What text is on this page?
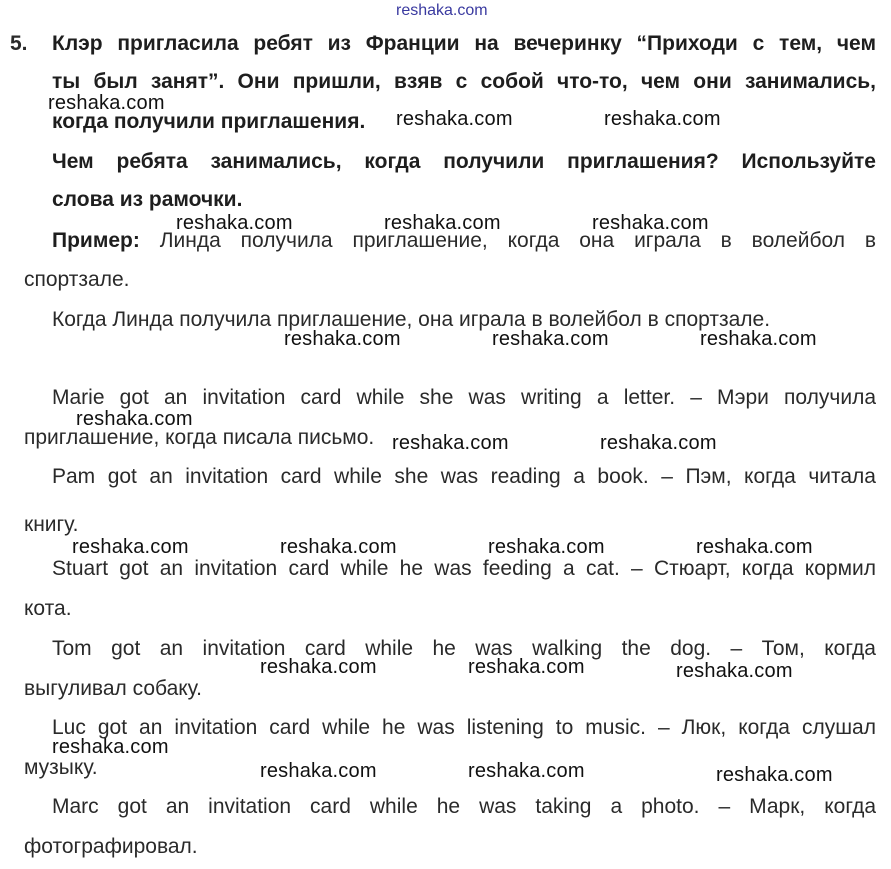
reshaka.com
5. Клэр пригласила ребят из Франции на вечеринку “Приходи с тем, чем
ты был занят”. Они пришли, взяв с собой что-то, чем они занимались,
когда получили приглашения.
Чем ребята занимались, когда получили приглашения? Используйте
слова из рамочки.
Пример: Линда получила приглашение, когда она играла в волейбол в
спортзале.
Когда Линда получила приглашение, она играла в волейбол в спортзале.
Marie got an invitation card while she was writing a letter. – Мэри получила
приглашение, когда писала письмо.
Pam got an invitation card while she was reading a book. – Пэм, когда читала
книгу.
Stuart got an invitation card while he was feeding a cat. – Стюарт, когда кормил
кота.
Tom got an invitation card while he was walking the dog. – Том, когда
выгуливал собаку.
Luc got an invitation card while he was listening to music. – Люк, когда слушал
музыку.
Marc got an invitation card while he was taking a photo. – Марк, когда
фотографировал.
reshaka.com
reshaka.com	reshaka.com
reshaka.com	reshaka.com	reshaka.com
reshaka.com	reshaka.com	reshaka.com
reshaka.com
reshaka.com	reshaka.com
reshaka.com	reshaka.com	reshaka.com	reshaka.com
reshaka.com	reshaka.com	reshaka.com
reshaka.com
reshaka.com	reshaka.com	reshaka.com
